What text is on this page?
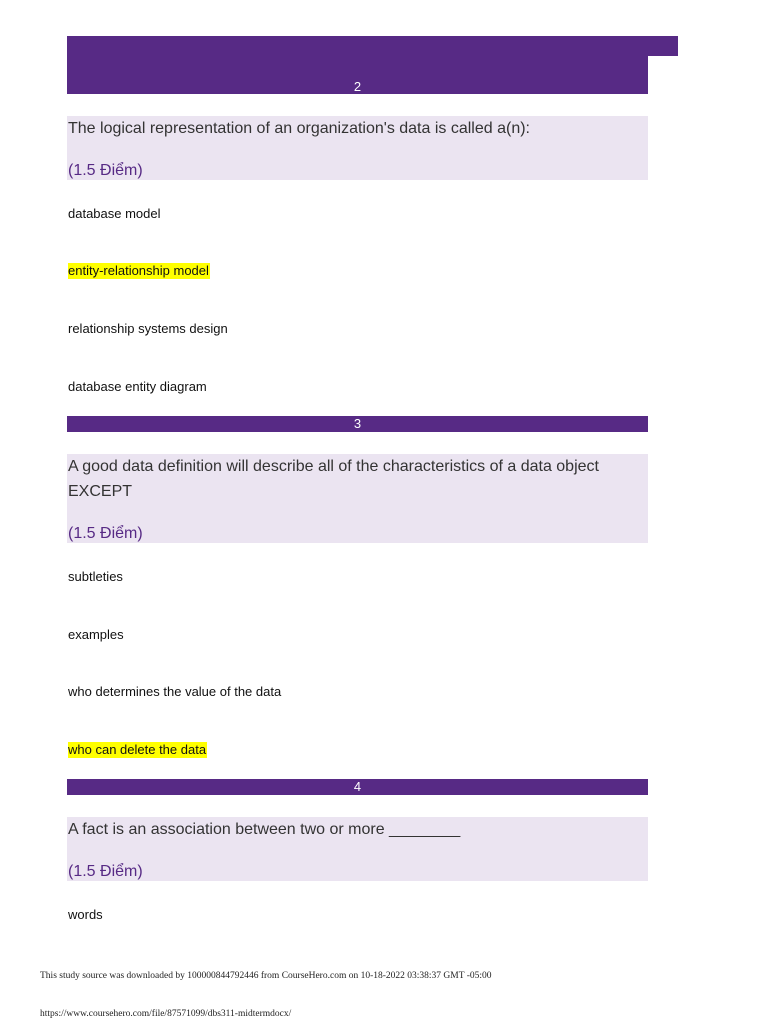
2
The logical representation of an organization's data is called a(n):
(1.5 Điểm)
database model
entity-relationship model
relationship systems design
database entity diagram
3
A good data definition will describe all of the characteristics of a data object EXCEPT
(1.5 Điểm)
subtleties
examples
who determines the value of the data
who can delete the data
4
A fact is an association between two or more ________
(1.5 Điểm)
words
This study source was downloaded by 100000844792446 from CourseHero.com on 10-18-2022 03:38:37 GMT -05:00
https://www.coursehero.com/file/87571099/dbs311-midtermdocx/
